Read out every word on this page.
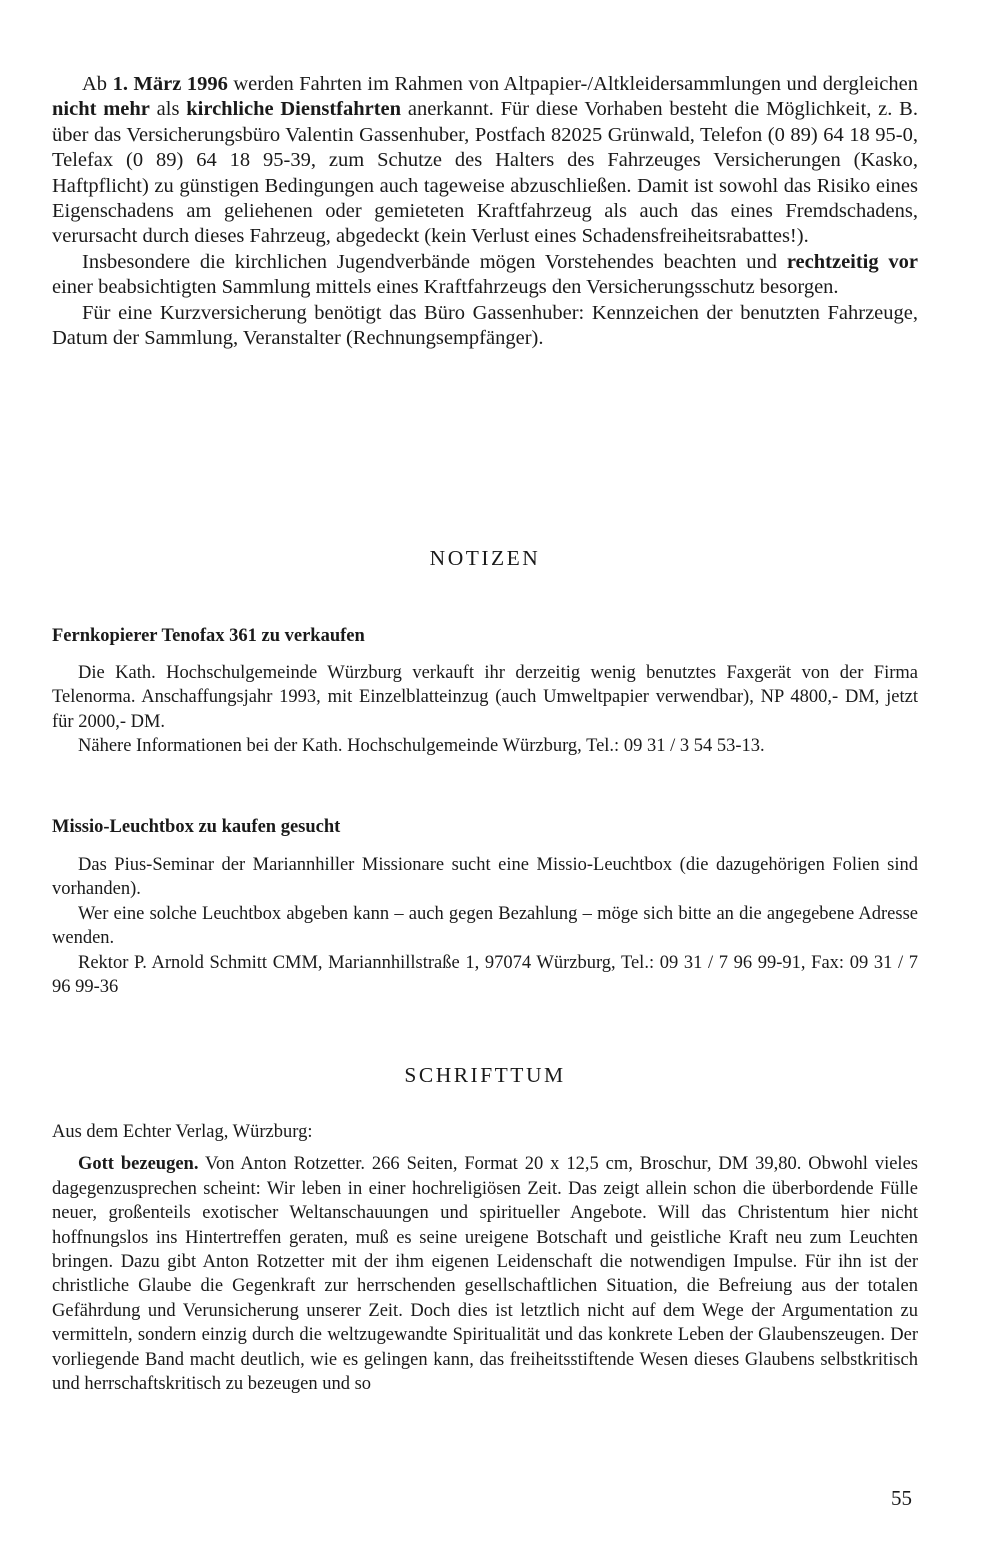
Ab 1. März 1996 werden Fahrten im Rahmen von Altpapier-/Altkleidersammlungen und dergleichen nicht mehr als kirchliche Dienstfahrten anerkannt. Für diese Vorhaben besteht die Möglichkeit, z. B. über das Versicherungsbüro Valentin Gassenhuber, Postfach 82025 Grünwald, Telefon (0 89) 64 18 95-0, Telefax (0 89) 64 18 95-39, zum Schutze des Halters des Fahrzeuges Versicherungen (Kasko, Haftpflicht) zu günstigen Bedingungen auch tageweise abzuschließen. Damit ist sowohl das Risiko eines Eigenschadens am geliehenen oder gemieteten Kraftfahrzeug als auch das eines Fremdschadens, verursacht durch dieses Fahrzeug, abgedeckt (kein Verlust eines Schadensfreiheitsrabattes!).

Insbesondere die kirchlichen Jugendverbände mögen Vorstehendes beachten und rechtzeitig vor einer beabsichtigten Sammlung mittels eines Kraftfahrzeugs den Versicherungsschutz besorgen.

Für eine Kurzversicherung benötigt das Büro Gassenhuber: Kennzeichen der benutzten Fahrzeuge, Datum der Sammlung, Veranstalter (Rechnungsempfänger).

NOTIZEN

Fernkopierer Tenofax 361 zu verkaufen

Die Kath. Hochschulgemeinde Würzburg verkauft ihr derzeitig wenig benutztes Faxgerät von der Firma Telenorma. Anschaffungsjahr 1993, mit Einzelblatteinzug (auch Umweltpapier verwendbar), NP 4800,- DM, jetzt für 2000,- DM.

Nähere Informationen bei der Kath. Hochschulgemeinde Würzburg, Tel.: 09 31 / 3 54 53-13.

Missio-Leuchtbox zu kaufen gesucht

Das Pius-Seminar der Mariannhiller Missionare sucht eine Missio-Leuchtbox (die dazugehörigen Folien sind vorhanden).

Wer eine solche Leuchtbox abgeben kann – auch gegen Bezahlung – möge sich bitte an die angegebene Adresse wenden.

Rektor P. Arnold Schmitt CMM, Mariannhillstraße 1, 97074 Würzburg, Tel.: 09 31 / 7 96 99-91, Fax: 09 31 / 7 96 99-36

SCHRIFTTUM

Aus dem Echter Verlag, Würzburg:

Gott bezeugen. Von Anton Rotzetter. 266 Seiten, Format 20 x 12,5 cm, Broschur, DM 39,80. Obwohl vieles dagegenzusprechen scheint: Wir leben in einer hochreligiösen Zeit. Das zeigt allein schon die überbordende Fülle neuer, großenteils exotischer Weltanschauungen und spiritueller Angebote. Will das Christentum hier nicht hoffnungslos ins Hintertreffen geraten, muß es seine ureigene Botschaft und geistliche Kraft neu zum Leuchten bringen. Dazu gibt Anton Rotzetter mit der ihm eigenen Leidenschaft die notwendigen Impulse. Für ihn ist der christliche Glaube die Gegenkraft zur herrschenden gesellschaftlichen Situation, die Befreiung aus der totalen Gefährdung und Verunsicherung unserer Zeit. Doch dies ist letztlich nicht auf dem Wege der Argumentation zu vermitteln, sondern einzig durch die weltzugewandte Spiritualität und das konkrete Leben der Glaubenszeugen. Der vorliegende Band macht deutlich, wie es gelingen kann, das freiheitsstiftende Wesen dieses Glaubens selbstkritisch und herrschaftskritisch zu bezeugen und so

55
